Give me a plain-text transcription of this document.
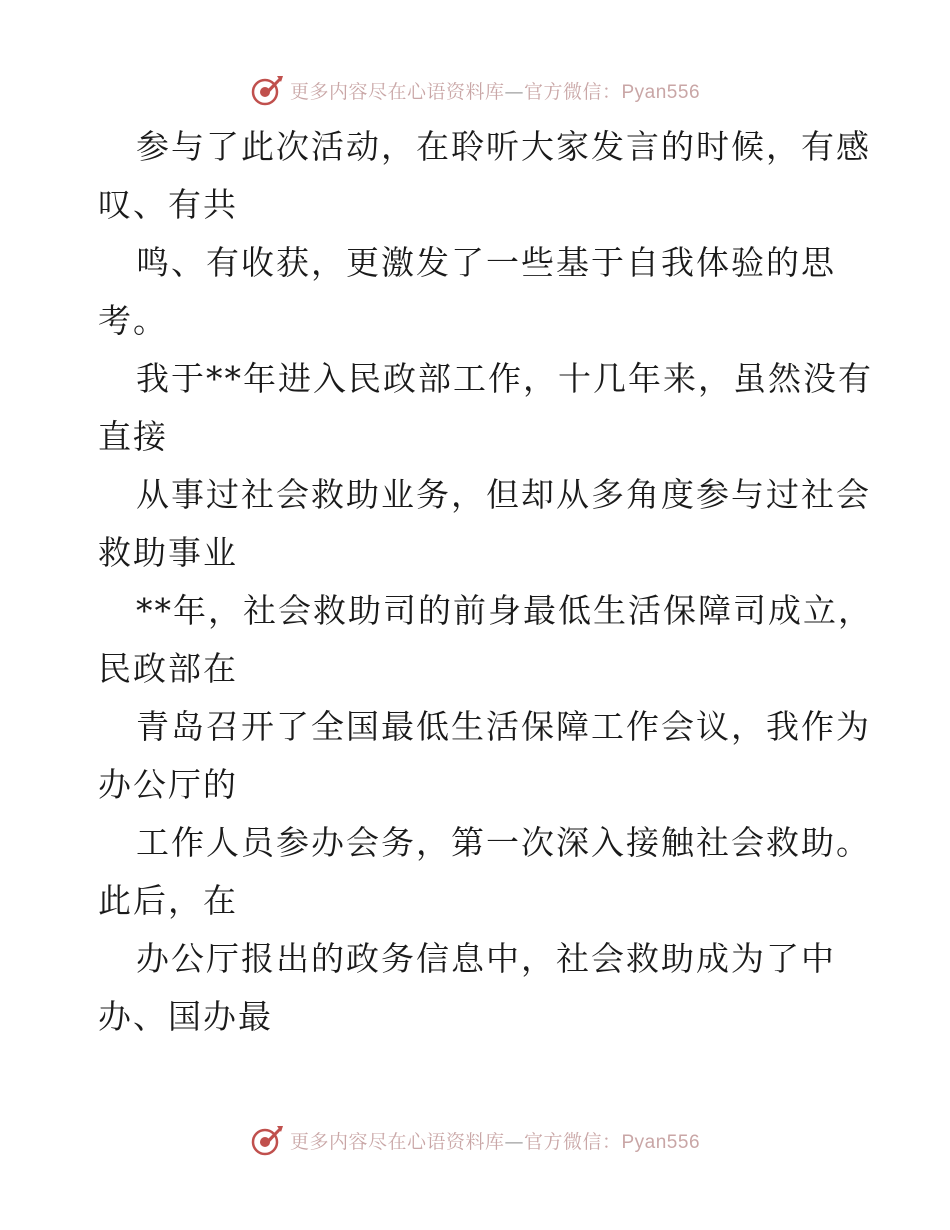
更多内容尽在心语资料库—官方微信：Pyan556
参与了此次活动，在聆听大家发言的时候，有感
叹、有共
鸣、有收获，更激发了一些基于自我体验的思
考。
我于**年进入民政部工作，十几年来，虽然没有
直接
从事过社会救助业务，但却从多角度参与过社会
救助事业
**年，社会救助司的前身最低生活保障司成立，
民政部在
青岛召开了全国最低生活保障工作会议，我作为
办公厅的
工作人员参办会务，第一次深入接触社会救助。
此后，在
办公厅报出的政务信息中，社会救助成为了中
办、国办最
更多内容尽在心语资料库—官方微信：Pyan556
